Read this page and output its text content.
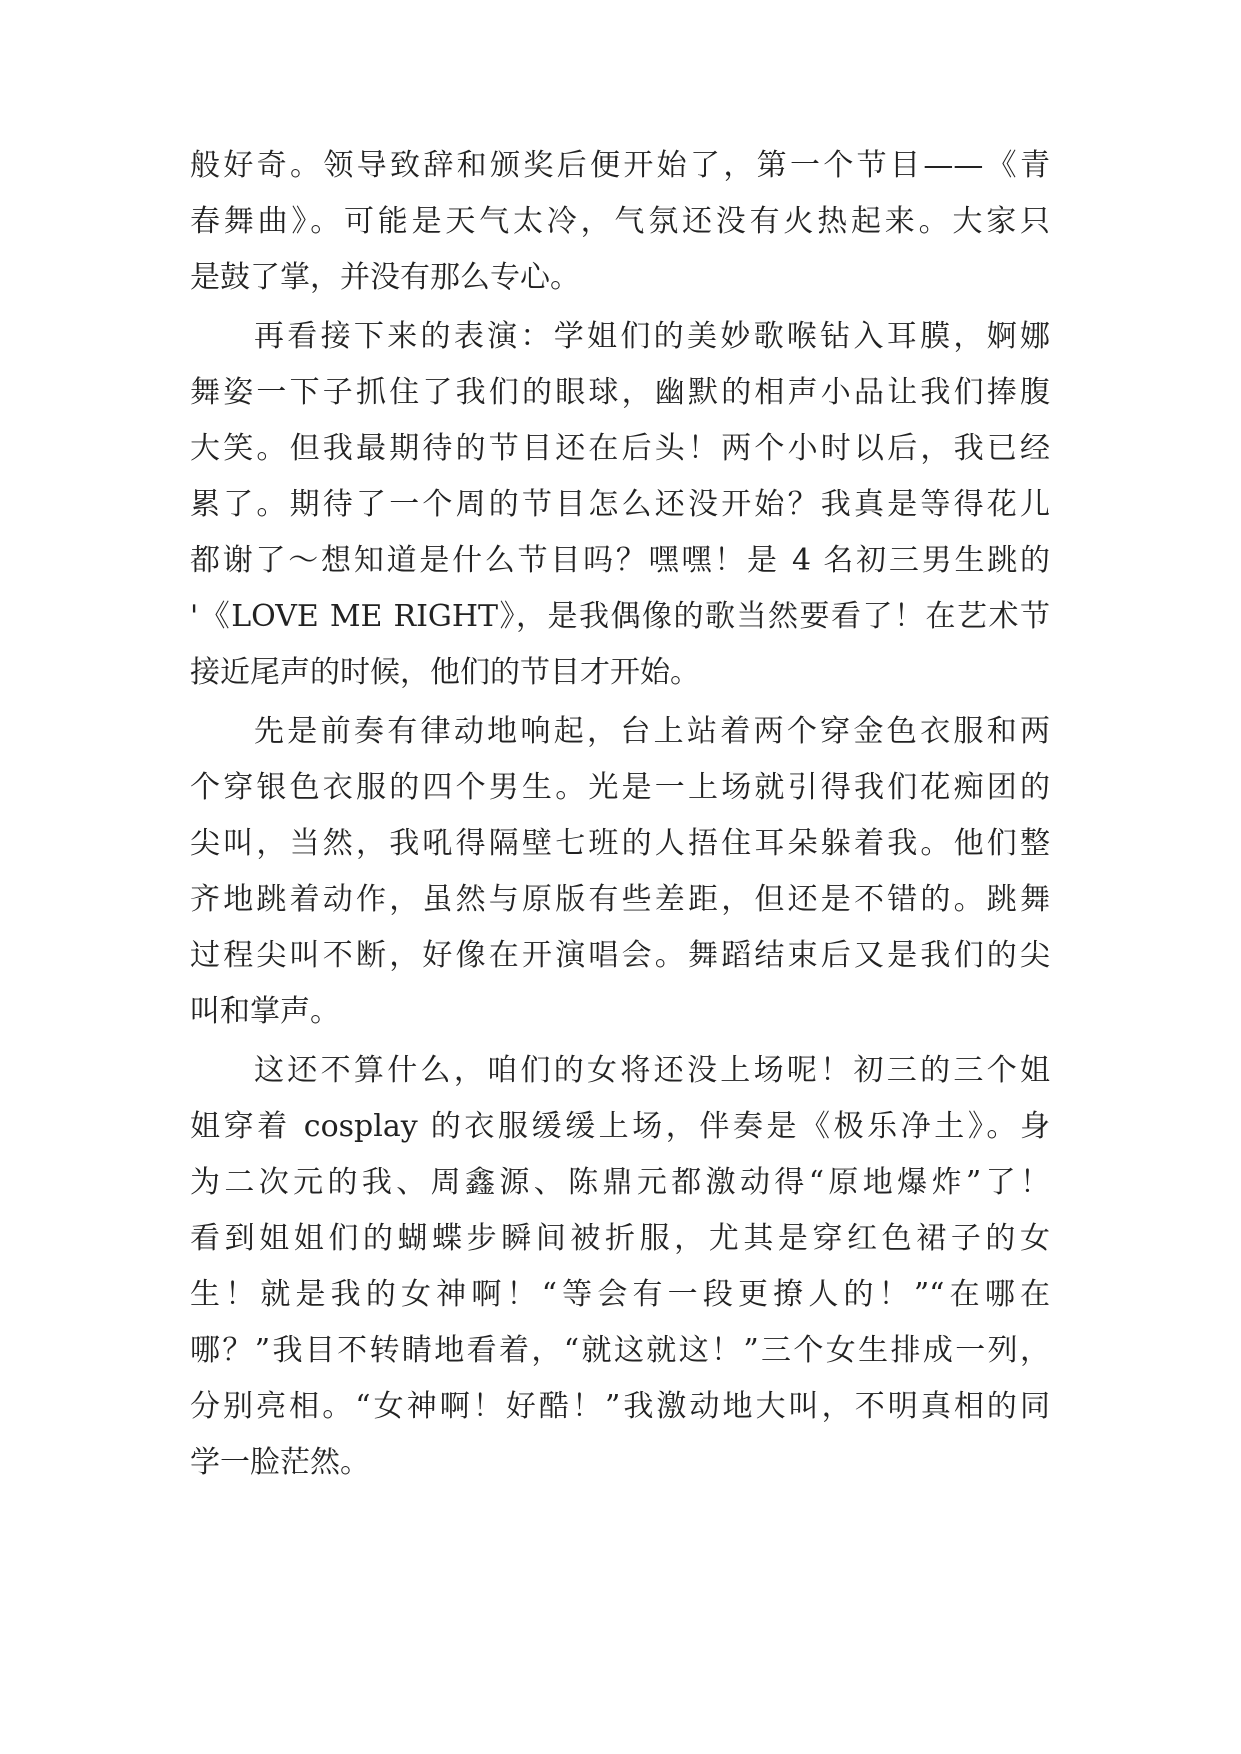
般好奇。领导致辞和颁奖后便开始了，第一个节目——《青
春舞曲》。可能是天气太冷，气氛还没有火热起来。大家只
是鼓了掌，并没有那么专心。
再看接下来的表演：学姐们的美妙歌喉钻入耳膜，婀娜
舞姿一下子抓住了我们的眼球，幽默的相声小品让我们捧腹
大笑。但我最期待的节目还在后头！两个小时以后，我已经
累了。期待了一个周的节目怎么还没开始？我真是等得花儿
都谢了～想知道是什么节目吗？嘿嘿！是 4 名初三男生跳的
'《LOVE ME RIGHT》，是我偶像的歌当然要看了！在艺术节
接近尾声的时候，他们的节目才开始。
先是前奏有律动地响起，台上站着两个穿金色衣服和两
个穿银色衣服的四个男生。光是一上场就引得我们花痴团的
尖叫，当然，我吼得隔壁七班的人捂住耳朵躲着我。他们整
齐地跳着动作，虽然与原版有些差距，但还是不错的。跳舞
过程尖叫不断，好像在开演唱会。舞蹈结束后又是我们的尖
叫和掌声。
这还不算什么，咱们的女将还没上场呢！初三的三个姐
姐穿着 cosplay 的衣服缓缓上场，伴奏是《极乐净土》。身
为二次元的我、周鑫源、陈鼎元都激动得“原地爆炸”了！
看到姐姐们的蝴蝶步瞬间被折服，尤其是穿红色裙子的女
生！就是我的女神啊！“等会有一段更撩人的！”“在哪在
哪？”我目不转睛地看着，“就这就这！”三个女生排成一列，
分别亮相。“女神啊！好酷！”我激动地大叫，不明真相的同
学一脸茫然。
